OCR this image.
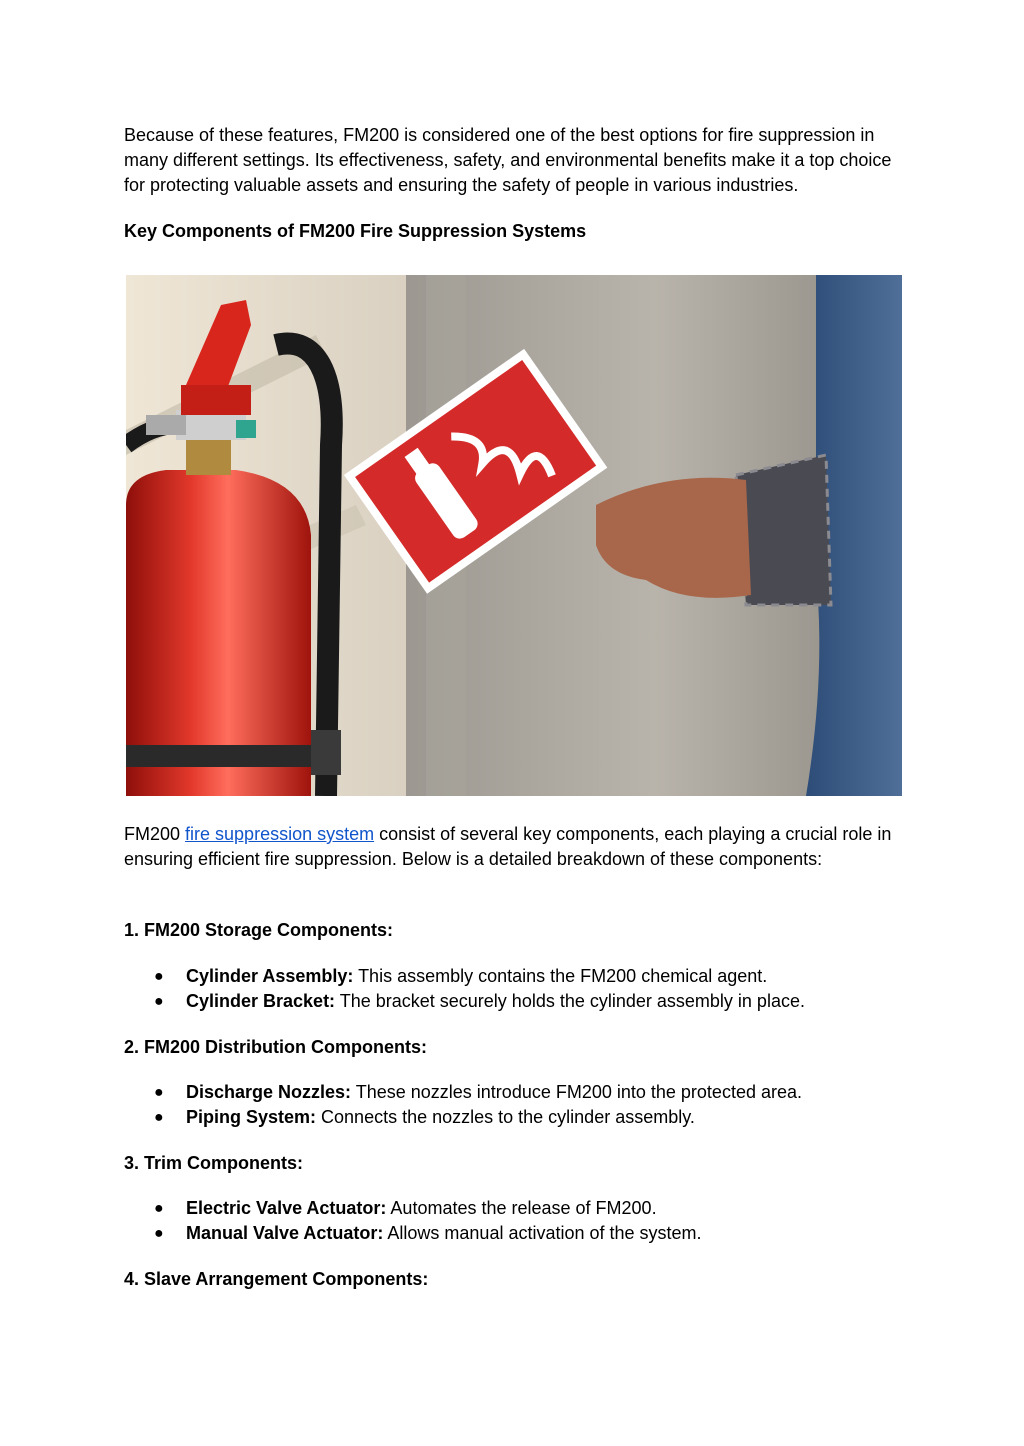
Because of these features, FM200 is considered one of the best options for fire suppression in many different settings. Its effectiveness, safety, and environmental benefits make it a top choice for protecting valuable assets and ensuring the safety of people in various industries.

Key Components of FM200 Fire Suppression Systems

FM200 fire suppression system consist of several key components, each playing a crucial role in ensuring efficient fire suppression. Below is a detailed breakdown of these components:

1. FM200 Storage Components:

● Cylinder Assembly: This assembly contains the FM200 chemical agent.
● Cylinder Bracket: The bracket securely holds the cylinder assembly in place.

2. FM200 Distribution Components:

● Discharge Nozzles: These nozzles introduce FM200 into the protected area.
● Piping System: Connects the nozzles to the cylinder assembly.

3. Trim Components:

● Electric Valve Actuator: Automates the release of FM200.
● Manual Valve Actuator: Allows manual activation of the system.

4. Slave Arrangement Components:
